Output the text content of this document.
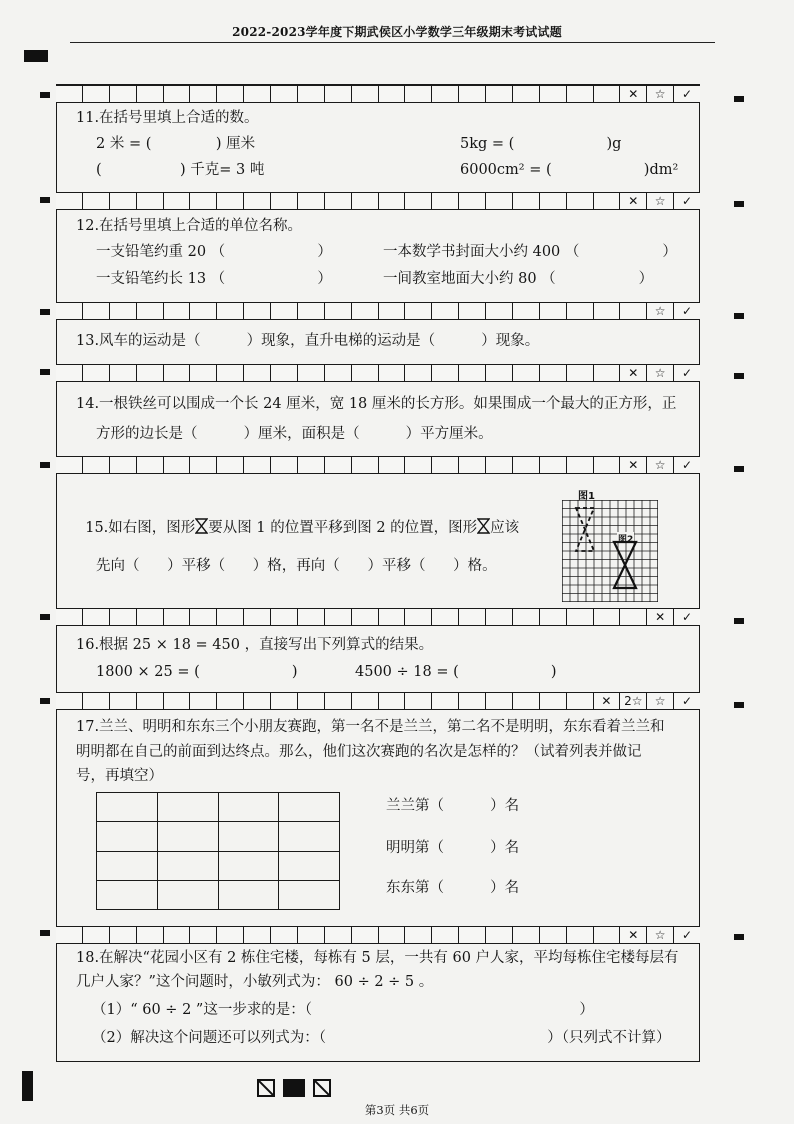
2022-2023学年度下期武侯区小学数学三年级期末考试试题
✕	☆	✓
✕	☆	✓
☆	✓
✕	☆	✓
✕	☆	✓
✕	✓
✕	2☆	☆	✓
✕	☆	✓
11.在括号里填上合适的数。
2 米 = (              ) 厘米	5kg = (                    )g
(                 ) 千克= 3 吨	6000cm² = (                    )dm²
12.在括号里填上合适的单位名称。
一支铅笔约重 20 （                    ）	一本数学书封面大小约 400 （                  ）
一支铅笔约长 13 （                    ）	一间教室地面大小约 80 （                  ）
13.风车的运动是（          ）现象，直升电梯的运动是（          ）现象。
14.一根铁丝可以围成一个长 24 厘米，宽 18 厘米的长方形。如果围成一个最大的正方形，正
方形的边长是（          ）厘米，面积是（          ）平方厘米。

15.如右图，图形 要从图 1 的位置平移到图 2 的位置，图形 应该

先向（      ）平移（      ）格，再向（      ）平移（      ）格。
图1
图2
16.根据 25 × 18 = 450 ，直接写出下列算式的结果。
1800 × 25 = (                    )	4500 ÷ 18 = (                    )
17.兰兰、明明和东东三个小朋友赛跑，第一名不是兰兰，第二名不是明明，东东看着兰兰和
明明都在自己的前面到达终点。那么，他们这次赛跑的名次是怎样的？（试着列表并做记
号，再填空）

兰兰第（          ）名
明明第（          ）名
东东第（          ）名
18.在解决“花园小区有 2 栋住宅楼，每栋有 5 层，一共有 60 户人家，平均每栋住宅楼每层有
几户人家？”这个问题时，小敏列式为： 60 ÷ 2 ÷ 5 。
（1）“ 60 ÷ 2 ”这一步求的是：（                                                          ）
（2）解决这个问题还可以列式为：（                                                ）（只列式不计算）
第3页 共6页
